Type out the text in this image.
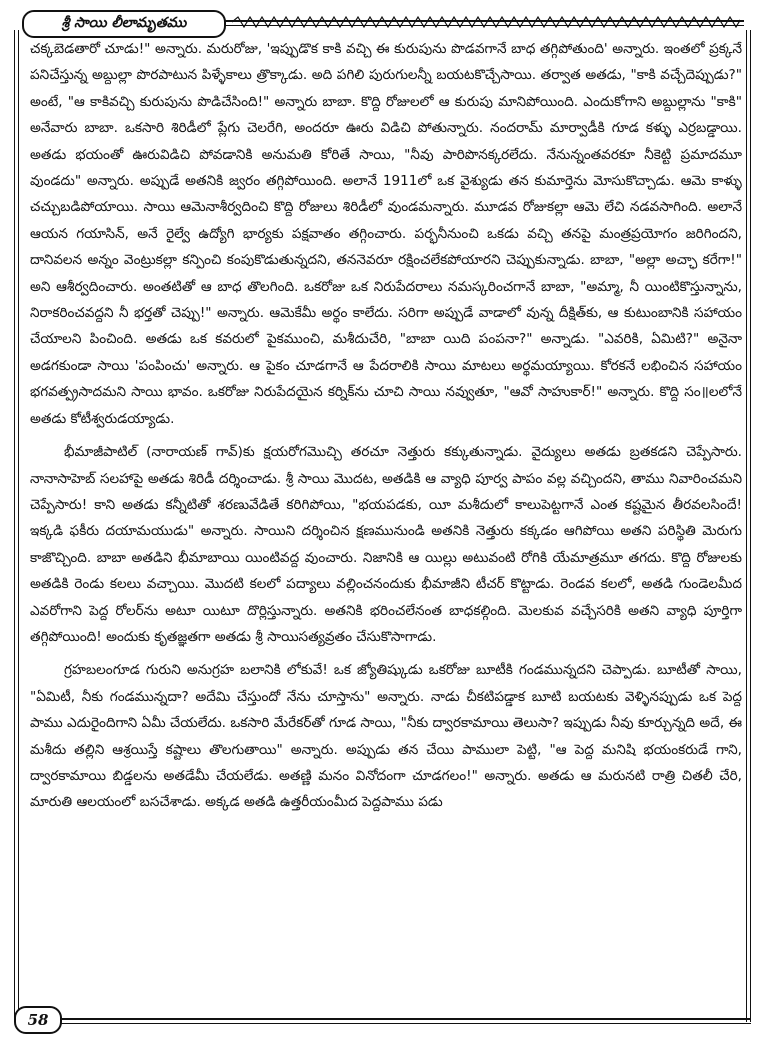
శ్రీ సాయి లీలామృతము

చక్కబెడతారో చూడు!" అన్నారు. మరురోజు, 'ఇప్పుడొక కాకి వచ్చి ఈ కురుపును పొడవగానే బాధ తగ్గిపోతుంది' అన్నారు. ఇంతలో ప్రక్కనే పనిచేస్తున్న అబ్దుల్లా పొరపాటున పిళ్ళేకాలు త్రొక్కాడు. అది పగిలి పురుగులన్నీ బయటకొచ్చేసాయి. తర్వాత అతడు, "కాకి వచ్చేదెప్పుడు?" అంటే, "ఆ కాకివచ్చి కురుపును పొడిచేసింది!" అన్నారు బాబా. కొద్ది రోజులలో ఆ కురుపు మానిపోయింది. ఎందుకోగాని అబ్దుల్లాను "కాకి" అనేవారు బాబా. ఒకసారి శిరిడీలో ప్లేగు చెలరేగి, అందరూ ఊరు విడిచి పోతున్నారు. నందరామ్ మార్వాడీకి గూడ కళ్ళు ఎర్రబడ్డాయి. అతడు భయంతో ఊరువిడిచి పోవడానికి అనుమతి కోరితే సాయి, "నీవు పారిపొనక్కరలేదు. నేనున్నంతవరకూ నీకెట్టి ప్రమాదమూ వుండదు" అన్నారు. అప్పుడే అతనికి జ్వరం తగ్గిపోయింది. అలానే 1911లో ఒక వైశ్యుడు తన కుమార్తెను మోసుకొచ్చాడు. ఆమె కాళ్ళు చచ్చుబడిపోయాయి. సాయి ఆమెనాశీర్వదించి కొద్ది రోజులు శిరిడీలో వుండమన్నారు. మూడవ రోజుకల్లా ఆమె లేచి నడవసాగింది. అలానే ఆయన గయాసిన్, అనే రైల్వే ఉద్యోగి భార్యకు పక్షవాతం తగ్గించారు. పర్భనీనుంచి ఒకడు వచ్చి తనపై మంత్రప్రయోగం జరిగిందని, దానివలన అన్నం వెంట్రుకల్లా కన్పించి కంపుకొడుతున్నదని, తననెవరూ రక్షించలేకపోయారని చెప్పుకున్నాడు. బాబా, "అల్లా అచ్ఛా కరేగా!" అని ఆశీర్వదించారు. అంతటితో ఆ బాధ తొలగింది. ఒకరోజు ఒక నిరుపేదరాలు నమస్కరించగానే బాబా, "అమ్మా, నీ యింటికొస్తున్నాను, నిరాకరించవద్దని నీ భర్తతో చెప్పు!" అన్నారు. ఆమెకేమీ అర్థం కాలేదు. సరిగా అప్పుడే వాడాలో వున్న దీక్షిత్‌కు, ఆ కుటుంబానికి సహాయం చేయాలని పించింది. అతడు ఒక కవరులో పైకముంచి, మశీదుచేరి, "బాబా యిది పంపనా?" అన్నాడు. "ఎవరికి, ఏమిటి?" అనైనా అడగకుండా సాయి 'పంపించు' అన్నారు. ఆ పైకం చూడగానే ఆ పేదరాలికి సాయి మాటలు అర్థమయ్యాయి. కోరకనే లభించిన సహాయం భగవత్ప్రసాదమని సాయి భావం. ఒకరోజు నిరుపేదయైన కర్నిక్‌ను చూచి సాయి నవ్వుతూ, "ఆవో సాహుకార్!" అన్నారు. కొద్ది సం॥లలోనే అతడు కోటీశ్వరుడయ్యాడు.

భీమాజీపాటిల్ (నారాయణ్ గావ్)కు క్షయరోగమొచ్చి తరచూ నెత్తురు కక్కుతున్నాడు. వైద్యులు అతడు బ్రతకడని చెప్పేసారు. నానాసాహెబ్ సలహాపై అతడు శిరిడీ దర్శించాడు. శ్రీ సాయి మొదట, అతడికి ఆ వ్యాధి పూర్వ పాపం వల్ల వచ్చిందని, తాము నివారించమని చెప్పేసారు! కాని అతడు కన్నీటితో శరణువేడితే కరిగిపోయి, "భయపడకు, యీ మశీదులో కాలుపెట్టగానే ఎంత కష్టమైన తీరవలసిందే! ఇక్కడి ఫకీరు దయామయుడు" అన్నారు. సాయిని దర్శించిన క్షణమునుండి అతనికి నెత్తురు కక్కడం ఆగిపోయి అతని పరిస్థితి మెరుగు కాజొచ్చింది. బాబా అతడిని భీమాబాయి యింటివద్ద వుంచారు. నిజానికి ఆ యిల్లు అటువంటి రోగికి యేమాత్రమూ తగదు. కొద్ది రోజులకు అతడికి రెండు కలలు వచ్చాయి. మొదటి కలలో పద్యాలు వల్లించనందుకు భీమాజీని టీచర్ కొట్టాడు. రెండవ కలలో, అతడి గుండెలమీద ఎవరోగాని పెద్ద రోలర్‌ను అటూ యిటూ దొర్లిస్తున్నారు. అతనికి భరించలేనంత బాధకల్గింది. మెలకువ వచ్చేసరికి అతని వ్యాధి పూర్తిగా తగ్గిపోయింది! అందుకు కృతజ్ఞతగా అతడు శ్రీ సాయిసత్యవ్రతం చేసుకొసాగాడు.

గ్రహబలంగూడ గురుని అనుగ్రహ బలానికి లోకువే! ఒక జ్యోతిష్కుడు ఒకరోజు బూటీకి గండమున్నదని చెప్పాడు. బూటీతో సాయి, "ఏమిటీ, నీకు గండమున్నదా? అదేమి చేస్తుందో నేను చూస్తాను" అన్నారు. నాడు చీకటిపడ్డాక బూటి బయటకు వెళ్ళినప్పుడు ఒక పెద్ద పాము ఎదురైందిగాని ఏమీ చేయలేదు. ఒకసారి మేరేకర్‌తో గూడ సాయి, "నీకు ద్వారకామాయి తెలుసా? ఇప్పుడు నీవు కూర్చున్నది అదే, ఈ మశీదు తల్లిని ఆశ్రయిస్తే కష్టాలు తొలగుతాయి" అన్నారు. అప్పుడు తన చేయి పాములా పెట్టి, "ఆ పెద్ద మనిషి భయంకరుడే గాని, ద్వారకామాయి బిడ్డలను అతడేమీ చేయలేడు. అతణ్ణి మనం వినోదంగా చూడగలం!" అన్నారు. అతడు ఆ మరునటి రాత్రి చితలీ చేరి, మారుతి ఆలయంలో బసచేశాడు. అక్కడ అతడి ఉత్తరీయంమీద పెద్దపాము పడు

58
